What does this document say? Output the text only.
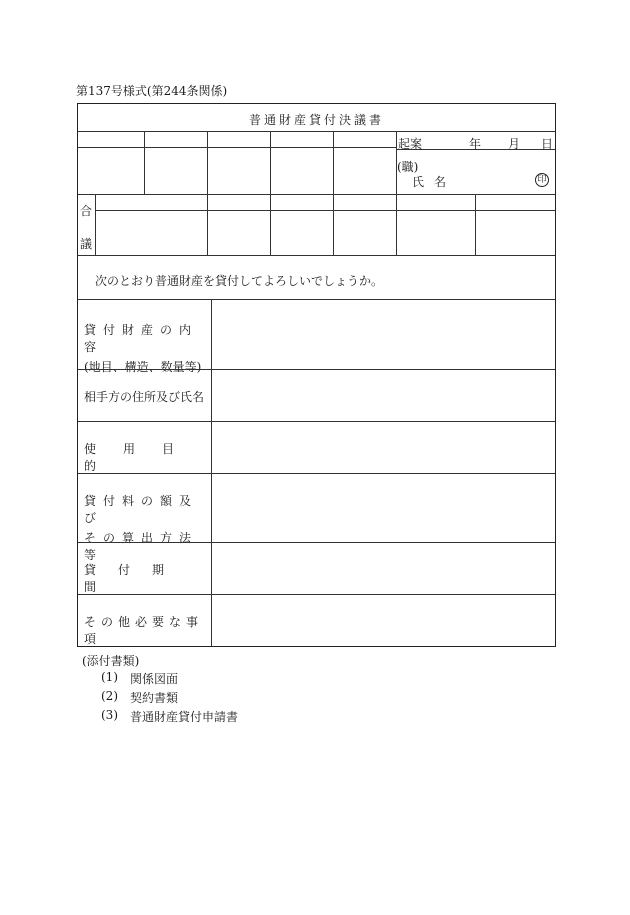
第137号様式(第244条関係)
普通財産貸付決議書
起案	年 月 日
(職)
氏 名	印
合
議
次のとおり普通財産を貸付してよろしいでしょうか。
貸付財産の内容
(地目、構造、数量等)
相手方の住所及び氏名
使用目的
貸付料の額及び
その算出方法等
貸付期間
その他必要な事項
(添付書類)
(1) 関係図面
(2) 契約書類
(3) 普通財産貸付申請書
